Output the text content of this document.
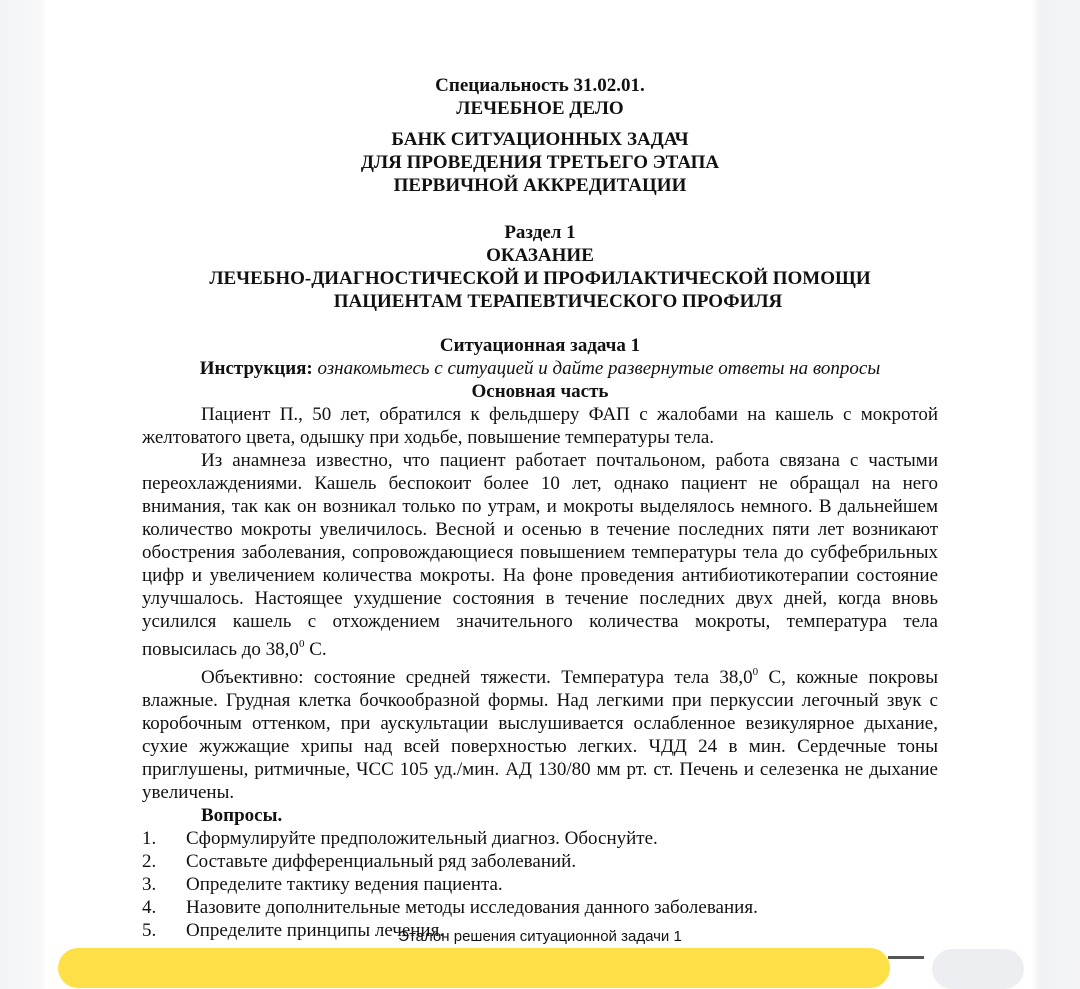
Специальность 31.02.01.
ЛЕЧЕБНОЕ ДЕЛО
БАНК СИТУАЦИОННЫХ ЗАДАЧ
ДЛЯ ПРОВЕДЕНИЯ ТРЕТЬЕГО ЭТАПА
ПЕРВИЧНОЙ АККРЕДИТАЦИИ
Раздел 1
ОКАЗАНИЕ
ЛЕЧЕБНО-ДИАГНОСТИЧЕСКОЙ И ПРОФИЛАКТИЧЕСКОЙ ПОМОЩИ
ПАЦИЕНТАМ ТЕРАПЕВТИЧЕСКОГО ПРОФИЛЯ
Ситуационная задача 1
Инструкция: ознакомьтесь с ситуацией и дайте развернутые ответы на вопросы
Основная часть

Пациент П., 50 лет, обратился к фельдшеру ФАП с жалобами на кашель с мокротой желтоватого цвета, одышку при ходьбе, повышение температуры тела.

Из анамнеза известно, что пациент работает почтальоном, работа связана с частыми переохлаждениями. Кашель беспокоит более 10 лет, однако пациент не обращал на него внимания, так как он возникал только по утрам, и мокроты выделялось немного. В дальнейшем количество мокроты увеличилось. Весной и осенью в течение последних пяти лет возникают обострения заболевания, сопровождающиеся повышением температуры тела до субфебрильных цифр и увеличением количества мокроты. На фоне проведения антибиотикотерапии состояние улучшалось. Настоящее ухудшение состояния в течение последних двух дней, когда вновь усилился кашель с отхождением значительного количества мокроты, температура тела повысилась до 38,0$^0$ С.

Объективно: состояние средней тяжести. Температура тела 38,0$^0$ С, кожные покровы влажные. Грудная клетка бочкообразной формы. Над легкими при перкуссии легочный звук с коробочным оттенком, при аускультации выслушивается ослабленное везикулярное дыхание, сухие жужжащие хрипы над всей поверхностью легких. ЧДД 24 в мин. Сердечные тоны приглушены, ритмичные, ЧСС 105 уд./мин. АД 130/80 мм рт. ст. Печень и селезенка не дыхание увеличены.

Вопросы.
1. Сформулируйте предположительный диагноз. Обоснуйте.
2. Составьте дифференциальный ряд заболеваний.
3. Определите тактику ведения пациента.
4. Назовите дополнительные методы исследования данного заболевания.
5. Определите принципы лечения.
Эталон решения ситуационной задачи 1
